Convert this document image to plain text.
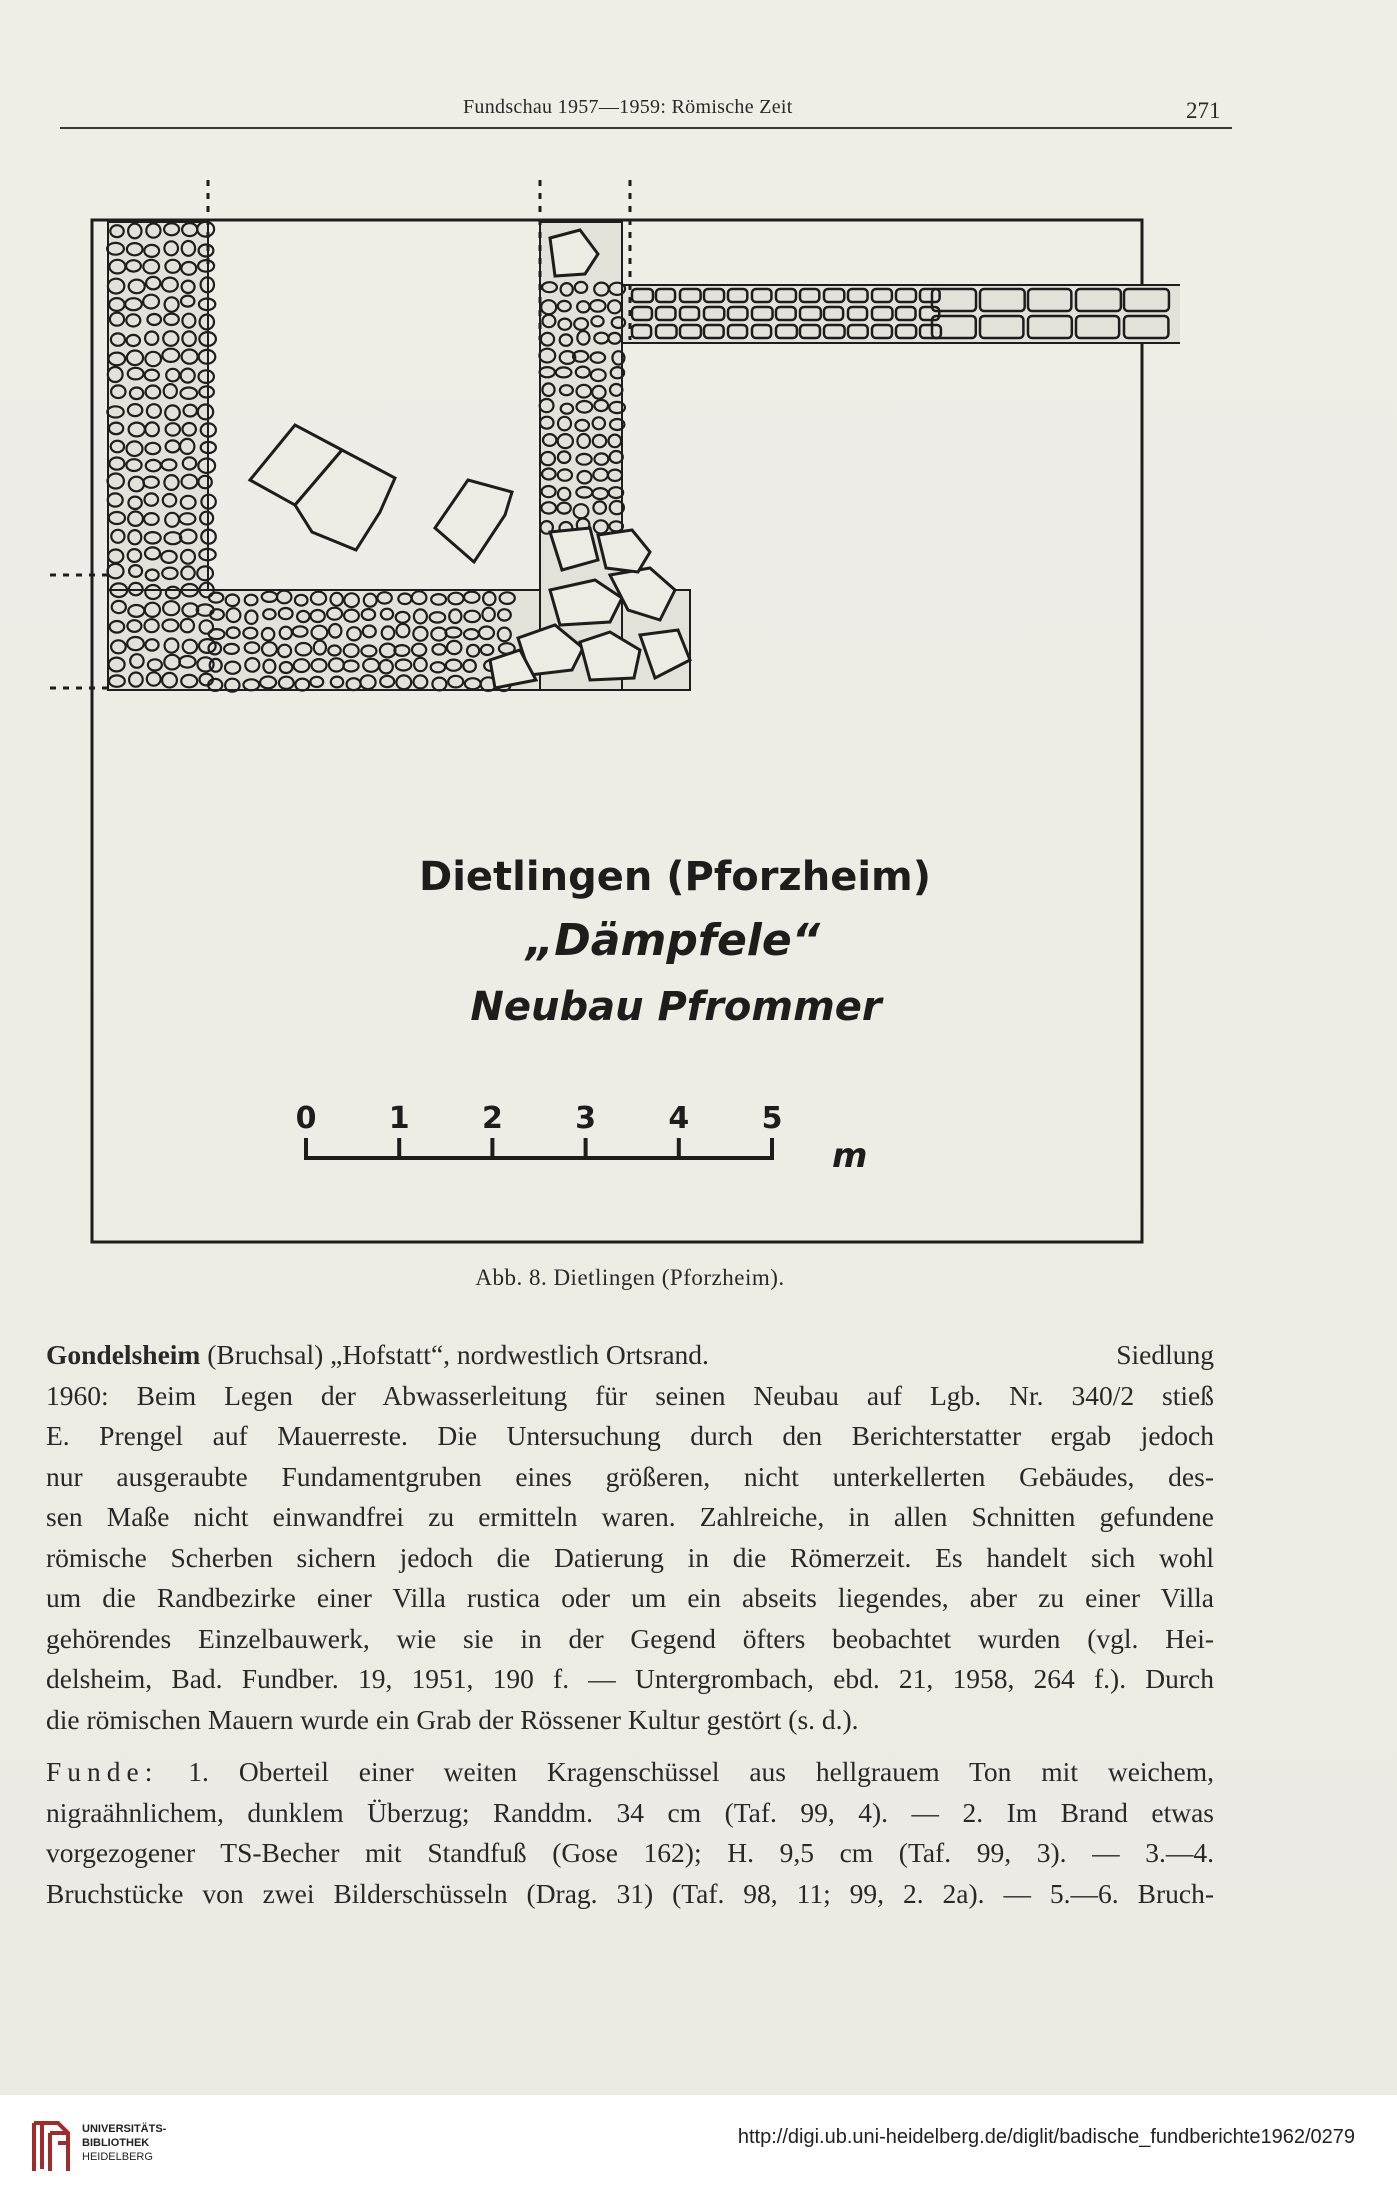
Fundschau 1957—1959: Römische Zeit	271
Dietlingen (Pforzheim)
„Dämpfele“
Neubau Pfrommer
0 1 2 3 4 5
m
Abb. 8. Dietlingen (Pforzheim).
Gondelsheim (Bruchsal) „Hofstatt“, nordwestlich Ortsrand.	Siedlung
1960: Beim Legen der Abwasserleitung für seinen Neubau auf Lgb. Nr. 340/2 stieß
E. Prengel auf Mauerreste. Die Untersuchung durch den Berichterstatter ergab jedoch
nur ausgeraubte Fundamentgruben eines größeren, nicht unterkellerten Gebäudes, des-
sen Maße nicht einwandfrei zu ermitteln waren. Zahlreiche, in allen Schnitten gefundene
römische Scherben sichern jedoch die Datierung in die Römerzeit. Es handelt sich wohl
um die Randbezirke einer Villa rustica oder um ein abseits liegendes, aber zu einer Villa
gehörendes Einzelbauwerk, wie sie in der Gegend öfters beobachtet wurden (vgl. Hei-
delsheim, Bad. Fundber. 19, 1951, 190 f. — Untergrombach, ebd. 21, 1958, 264 f.). Durch
die römischen Mauern wurde ein Grab der Rössener Kultur gestört (s. d.).
Funde: 1. Oberteil einer weiten Kragenschüssel aus hellgrauem Ton mit weichem,
nigraähnlichem, dunklem Überzug; Randdm. 34 cm (Taf. 99, 4). — 2. Im Brand etwas
vorgezogener TS-Becher mit Standfuß (Gose 162); H. 9,5 cm (Taf. 99, 3). — 3.—4.
Bruchstücke von zwei Bilderschüsseln (Drag. 31) (Taf. 98, 11; 99, 2. 2a). — 5.—6. Bruch-
UNIVERSITÄTS-
BIBLIOTHEK
HEIDELBERG
http://digi.ub.uni-heidelberg.de/diglit/badische_fundberichte1962/0279
